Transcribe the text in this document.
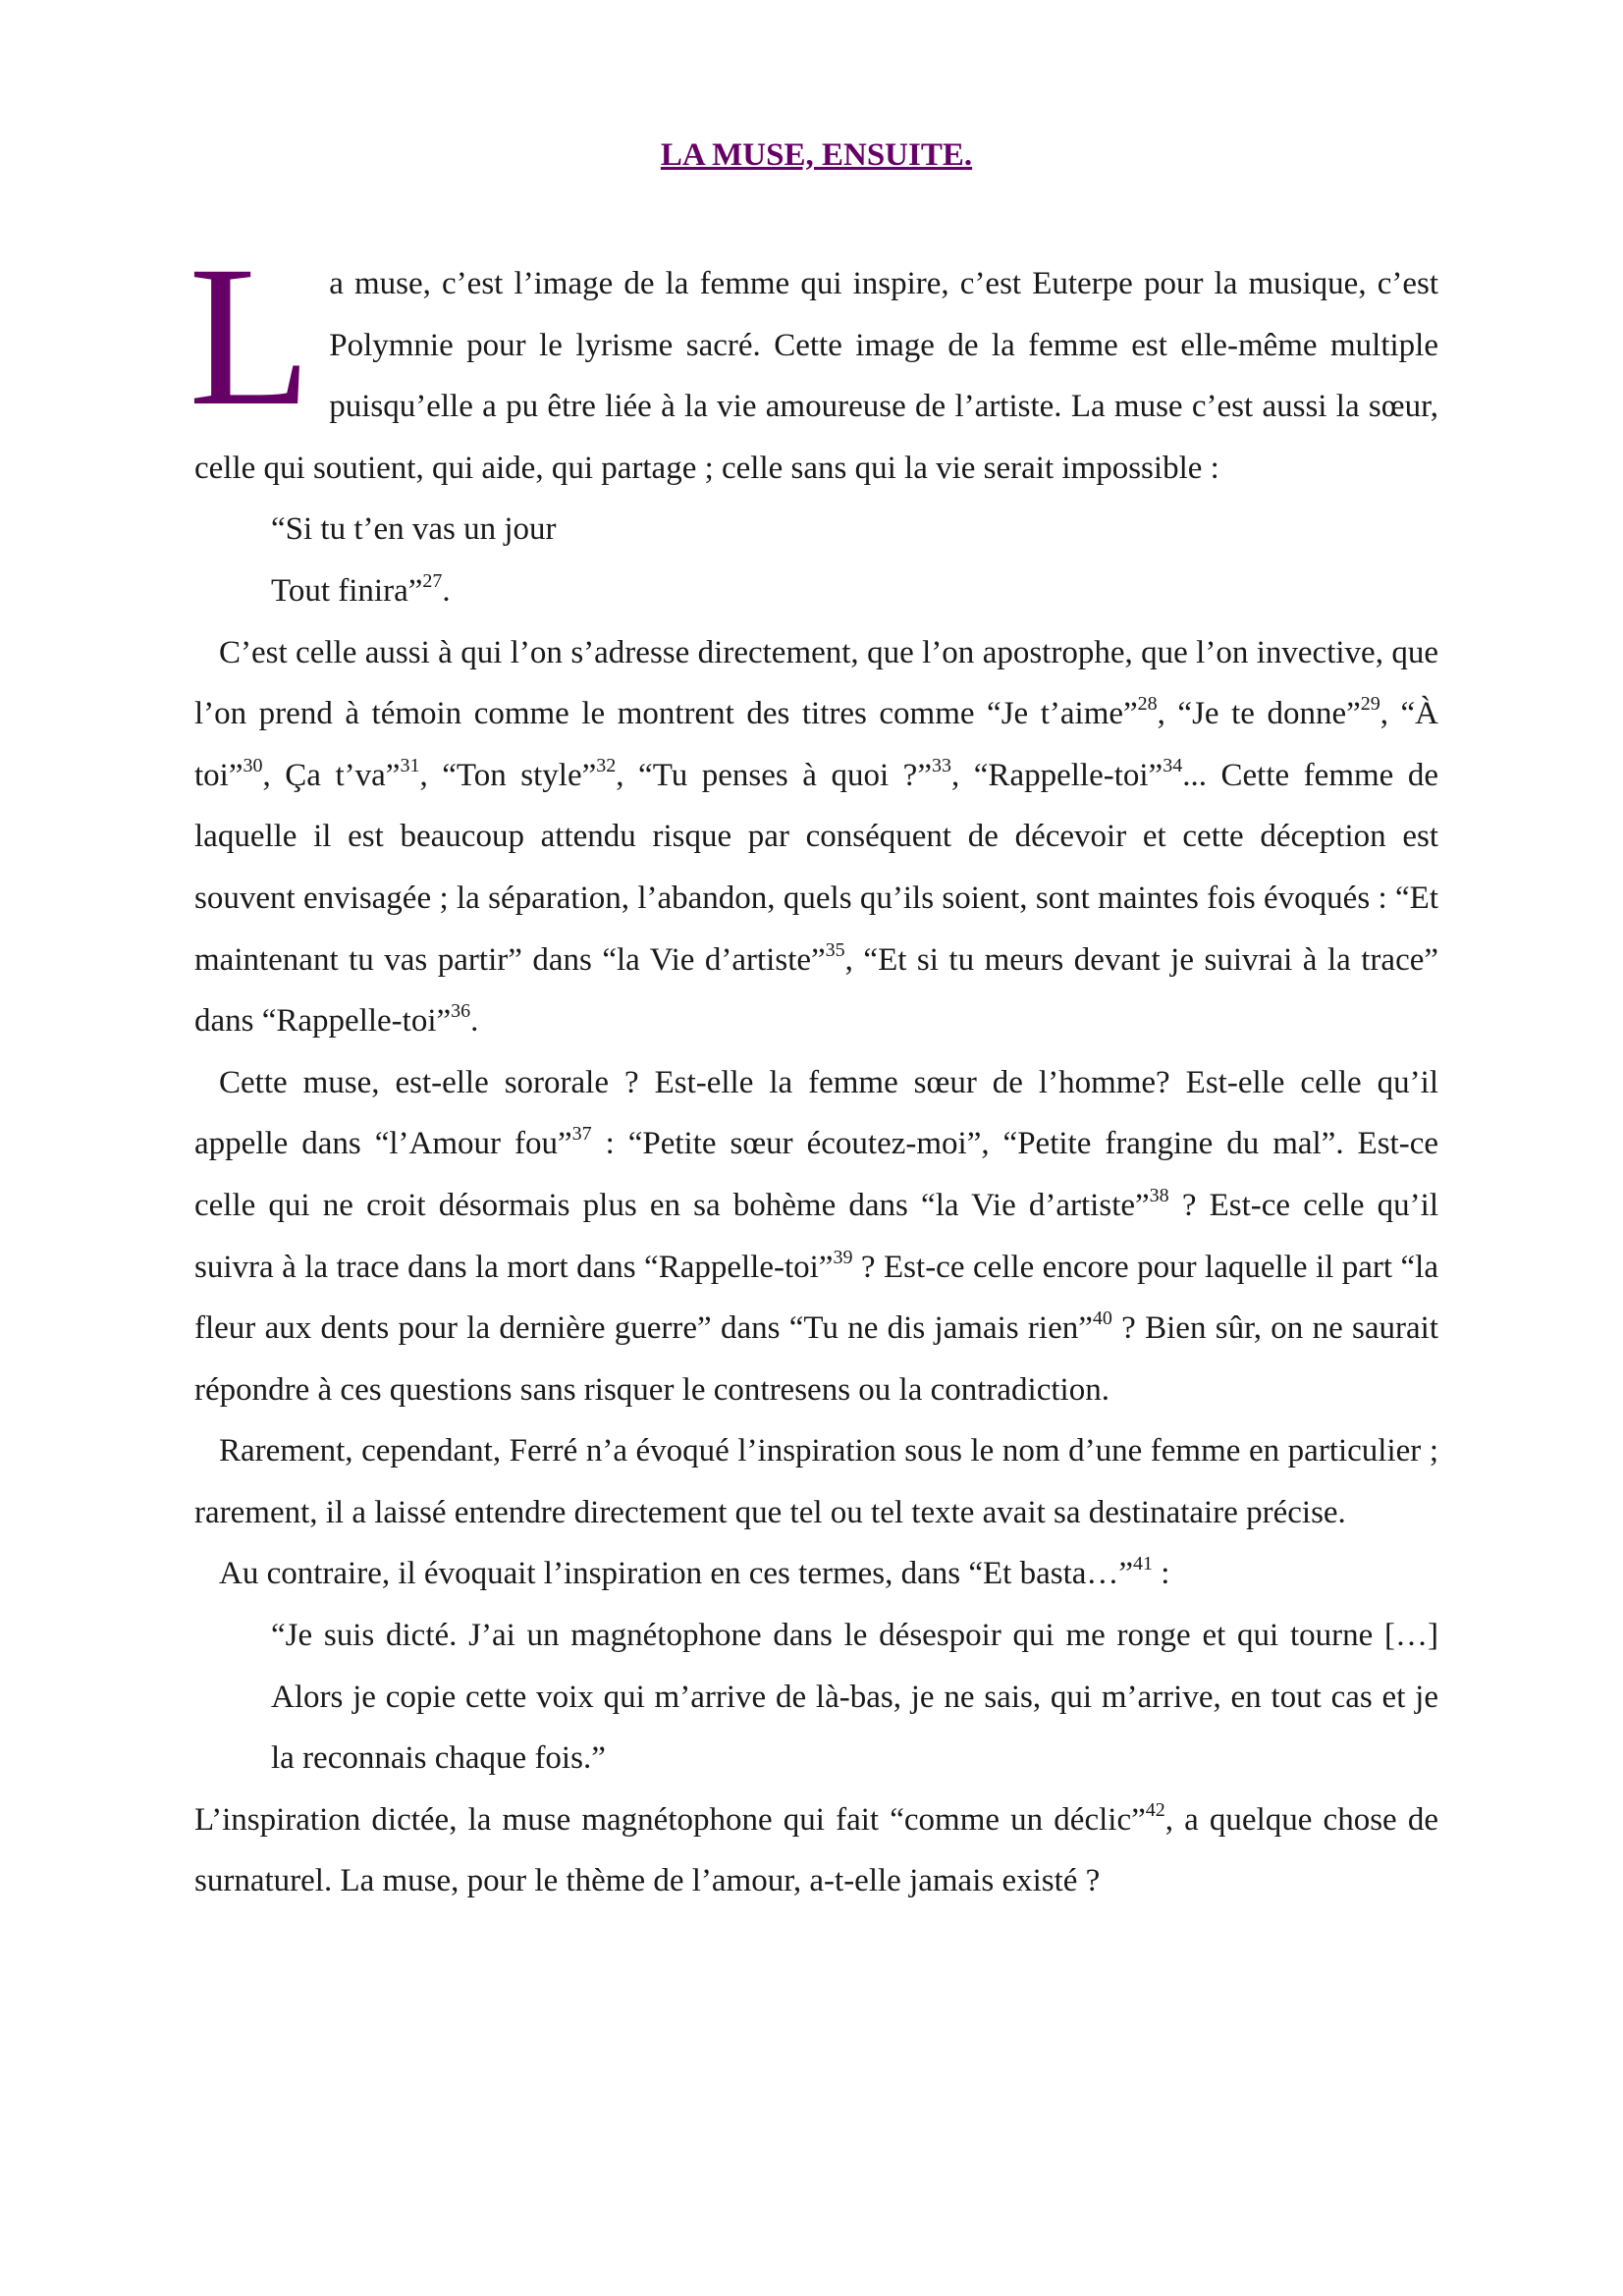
LA MUSE, ENSUITE.

La muse, c’est l’image de la femme qui inspire, c’est Euterpe pour la musique, c’est Polymnie pour le lyrisme sacré. Cette image de la femme est elle-même multiple puisqu’elle a pu être liée à la vie amoureuse de l’artiste. La muse c’est aussi la sœur, celle qui soutient, qui aide, qui partage ; celle sans qui la vie serait impossible :

“Si tu t’en vas un jour

Tout finira”$^{27}$.

C’est celle aussi à qui l’on s’adresse directement, que l’on apostrophe, que l’on invective, que l’on prend à témoin comme le montrent des titres comme “Je t’aime”$^{28}$, “Je te donne”$^{29}$, “À toi”$^{30}$, Ça t’va”$^{31}$, “Ton style”$^{32}$, “Tu penses à quoi ?”$^{33}$, “Rappelle-toi”$^{34}$... Cette femme de laquelle il est beaucoup attendu risque par conséquent de décevoir et cette déception est souvent envisagée ; la séparation, l’abandon, quels qu’ils soient, sont maintes fois évoqués : “Et maintenant tu vas partir” dans “la Vie d’artiste”$^{35}$, “Et si tu meurs devant je suivrai à la trace” dans “Rappelle-toi”$^{36}$.

Cette muse, est-elle sororale ? Est-elle la femme sœur de l’homme? Est-elle celle qu’il appelle dans “l’Amour fou”$^{37}$ : “Petite sœur écoutez-moi”, “Petite frangine du mal”. Est-ce celle qui ne croit désormais plus en sa bohème dans “la Vie d’artiste”$^{38}$ ? Est-ce celle qu’il suivra à la trace dans la mort dans “Rappelle-toi”$^{39}$ ? Est-ce celle encore pour laquelle il part “la fleur aux dents pour la dernière guerre” dans “Tu ne dis jamais rien”$^{40}$ ? Bien sûr, on ne saurait répondre à ces questions sans risquer le contresens ou la contradiction.

Rarement, cependant, Ferré n’a évoqué l’inspiration sous le nom d’une femme en particulier ; rarement, il a laissé entendre directement que tel ou tel texte avait sa destinataire précise.

Au contraire, il évoquait l’inspiration en ces termes, dans “Et basta…”$^{41}$ :

“Je suis dicté. J’ai un magnétophone dans le désespoir qui me ronge et qui tourne […] Alors je copie cette voix qui m’arrive de là-bas, je ne sais, qui m’arrive, en tout cas et je la reconnais chaque fois.”

L’inspiration dictée, la muse magnétophone qui fait “comme un déclic”$^{42}$, a quelque chose de surnaturel. La muse, pour le thème de l’amour, a-t-elle jamais existé ?
